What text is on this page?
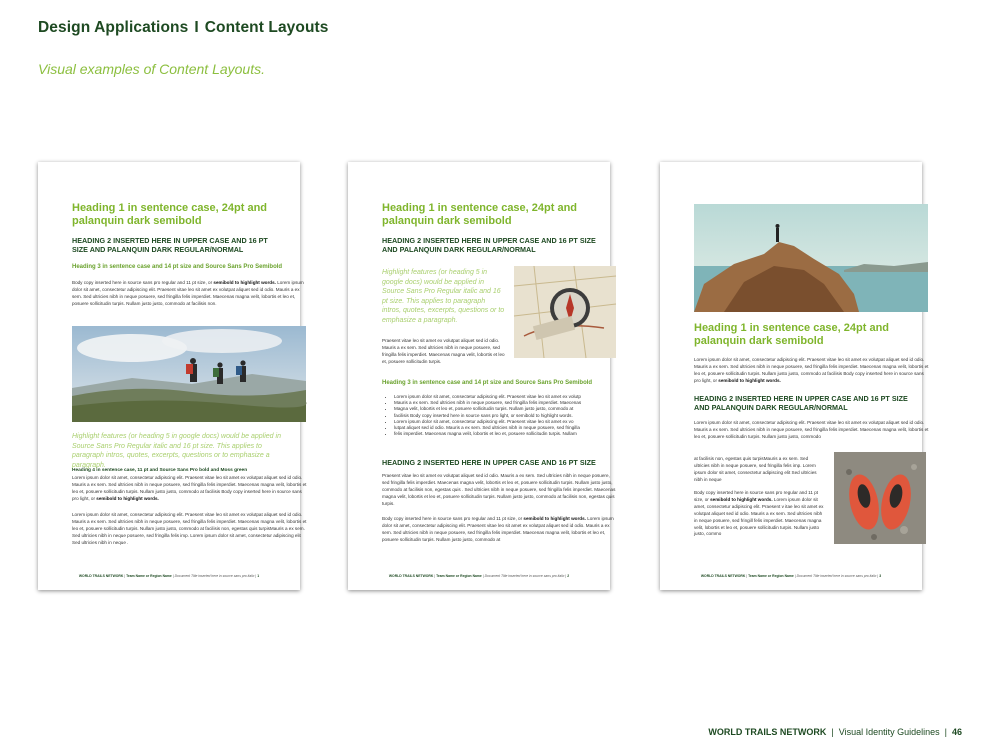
Design Applications I Content Layouts
Visual examples of Content Layouts.
Heading 1 in sentence case, 24pt and palanquin dark semibold
HEADING 2 INSERTED HERE IN UPPER CASE AND 16 PT SIZE AND PALANQUIN DARK REGULAR/NORMAL
Heading 3 in sentence case and 14 pt size and Source Sans Pro Semibold
Body copy inserted here in source sans pro regular and 11 pt size, or semibold to highlight words. Lorem ipsum dolor sit amet, consectetur adipiscing elit. Praesent vitae leo sit amet ex volutpat aliquet sed id odio. Mauris a ex sem. Sed ultricies nibh in neque posuere, sed fringilla felis imperdiet. Maecenas magna velit, lobortis et leo et, posuere sollicitudin turpis. Nullam justo justo, commodo at facilisis non.
Highlight features (or heading 5 in google docs) would be applied in Source Sans Pro Regular italic and 16 pt size. This applies to paragraph intros, quotes, excerpts, questions or to emphasize a paragraph.
Heading 4 in sentence case, 11 pt and Source Sans Pro bold and Moss green
Lorem ipsum dolor sit amet, consectetur adipiscing elit. Praesent vitae leo sit amet ex volutpat aliquet sed id odio. Mauris a ex sem. Sed ultricies nibh in neque posuere, sed fringilla felis imperdiet. Maecenas magna velit, lobortis et leo et, posuere sollicitudin turpis. Nullam justo justo, commodo at facilisis Body copy inserted here in source sans pro light, or semibold to highlight words.
Lorem ipsum dolor sit amet, consectetur adipiscing elit. Praesent vitae leo sit amet ex volutpat aliquet sed id odio. Mauris a ex sem. Sed ultricies nibh in neque posuere, sed fringilla felis imperdiet. Maecenas magna velit, lobortis et leo et, posuere sollicitudin turpis. Nullam justo justo, commodo at facilisis non, egestas quis turpisMauris a ex sem. Sed ultricies nibh in neque posuere, sed fringilla felis imp. Lorem ipsum dolor sit amet, consectetur adipiscing elit Sed ultricies nibh in neque .
WORLD TRAILS NETWORK | Team Name or Region Name | Document Title inserted here in source sans pro italic | 1
Heading 1 in sentence case, 24pt and palanquin dark semibold
HEADING 2 INSERTED HERE IN UPPER CASE AND 16 PT SIZE AND PALANQUIN DARK REGULAR/NORMAL
Highlight features (or heading 5 in google docs) would be applied in Source Sans Pro Regular italic and 16 pt size. This applies to paragraph intros, quotes, excerpts, questions or to emphasize a paragraph.
Praesent vitae leo sit amet ex volutpat aliquet sed id odio. Mauris a ex sem. Sed ultricies nibh in neque posuere, sed fringilla felis imperdiet. Maecenas magna velit, lobortis et leo et, posuere sollicitudin turpis.
Heading 3 in sentence case and 14 pt size and Source Sans Pro Semibold
• Lorem ipsum dolor sit amet, consectetur adipiscing elit. Praesent vitae leo sit amet ex volutp
• Mauris a ex sem. Sed ultricies nibh in neque posuere, sed fringilla felis imperdiet. Maecenas
• Magna velit, lobortis et leo et, posuere sollicitudin turpis. Nullam justo justo, commodo at
• facilisis Body copy inserted here in source sans pro light, or semibold to highlight words.
• Lorem ipsum dolor sit amet, consectetur adipiscing elit. Praesent vitae leo sit amet ex vo
• lutpat aliquet sed id odio. Mauris a ex sem. Sed ultricies nibh in neque posuere, sed fringilla
• felis imperdiet. Maecenas magna velit, lobortis et leo et, posuere sollicitudin turpis. Nullam
HEADING 2 INSERTED HERE IN UPPER CASE AND 16 PT SIZE
Praesent vitae leo sit amet ex volutpat aliquet sed id odio. Mauris a ex sem. Sed ultricies nibh in neque posuere, sed fringilla felis imperdiet. Maecenas magna velit, lobortis et leo et, posuere sollicitudin turpis. Nullam justo justo, commodo at facilisis non, egestas quis . Sed ultricies nibh in neque posuere, sed fringilla felis imperdiet. Maecenas magna velit, lobortis et leo et, posuere sollicitudin turpis. Nullam justo justo, commodo at facilisis non, egestas quis turpis.
Body copy inserted here in source sans pro regular and 11 pt size, or semibold to highlight words. Lorem ipsum dolor sit amet, consectetur adipiscing elit. Praesent vitae leo sit amet ex volutpat aliquet sed id odio. Mauris a ex sem. Sed ultricies nibh in neque posuere, sed fringilla felis imperdiet. Maecenas magna velit, lobortis et leo et, posuere sollicitudin turpis. Nullam justo justo, commodo at
WORLD TRAILS NETWORK | Team Name or Region Name | Document Title inserted here in source sans pro italic | 2
Heading 1 in sentence case, 24pt and palanquin dark semibold
Lorem ipsum dolor sit amet, consectetur adipiscing elit. Praesent vitae leo sit amet ex volutpat aliquet sed id odio. Mauris a ex sem. Sed ultricies nibh in neque posuere, sed fringilla felis imperdiet. Maecenas magna velit, lobortis et leo et, posuere sollicitudin turpis. Nullam justo justo, commodo at facilisis Body copy inserted here in source sans pro light, or semibold to highlight words.
HEADING 2 INSERTED HERE IN UPPER CASE AND 16 PT SIZE AND PALANQUIN DARK REGULAR/NORMAL
Lorem ipsum dolor sit amet, consectetur adipiscing elit. Praesent vitae leo sit amet ex volutpat aliquet sed id odio. Mauris a ex sem. Sed ultricies nibh in neque posuere, sed fringilla felis imperdiet. Maecenas magna velit, lobortis et leo et, posuere sollicitudin turpis. Nullam justo justo, commodo
at facilisis non, egestas quis turpisMauris a ex sem. Sed ultricies nibh in neque posuere, sed fringilla felis imp. Lorem ipsum dolor sit amet, consectetur adipiscing elit Sed ultricies nibh in neque
Body copy inserted here in source sans pro regular and 11 pt size, or semibold to highlight words. Lorem ipsum dolor sit amet, consectetur adipiscing elit. Praesent v itae leo sit amet ex volutpat aliquet sed id odio. Mauris a ex sem. Sed ultricies nibh in neque posuere, sed fringill felis imperdiet. Maecenas magna velit, lobortis et leo et, posuere sollicitudin turpis. Nullam justo justo, commo
WORLD TRAILS NETWORK | Team Name or Region Name | Document Title inserted here in source sans pro italic | 3
WORLD TRAILS NETWORK | Visual Identity Guidelines | 46
